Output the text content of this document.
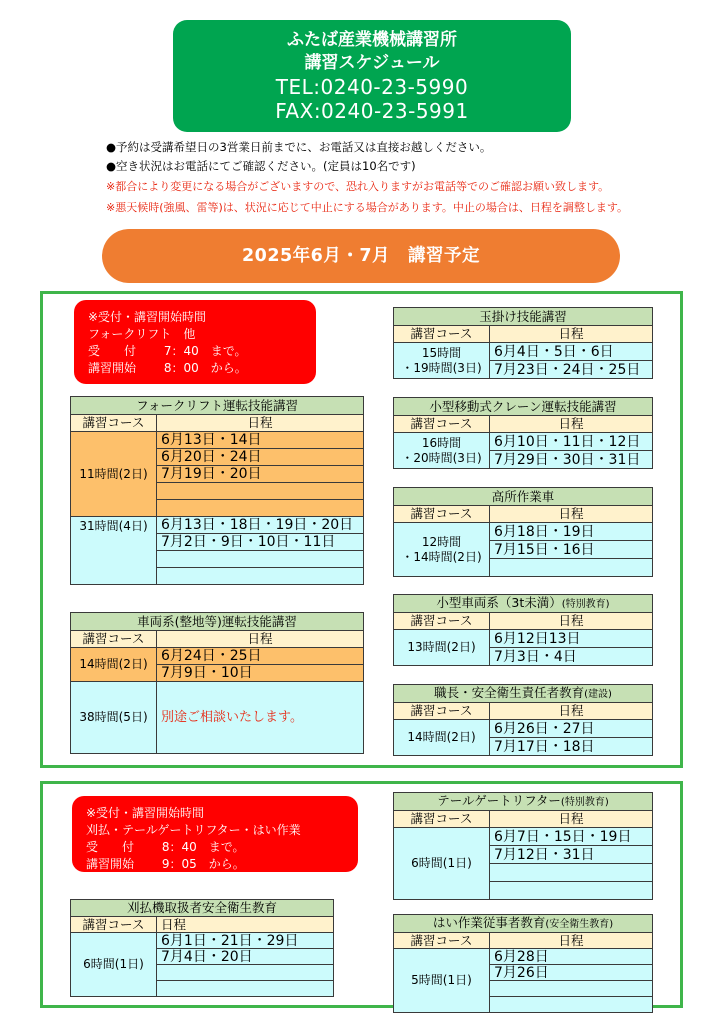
ふたば産業機械講習所
講習スケジュール
TEL:0240-23-5990
FAX:0240-23-5991
●予約は受講希望日の3営業日前までに、お電話又は直接お越しください。
●空き状況はお電話にてご確認ください。(定員は10名です)
※都合により変更になる場合がございますので、恐れ入りますがお電話等でのご確認お願い致します。
※悪天候時(強風、雷等)は、状況に応じて中止にする場合があります。中止の場合は、日程を調整します。
2025年6月・7月　講習予定
※受付・講習開始時間
フォークリフト　他
受　　付　　 7：40　まで。
講習開始　　 8：00　から。
※受付・講習開始時間
刈払・テールゲートリフター・はい作業
受　　付　　 8：40　まで。
講習開始　　 9：05　から。
フォークリフト運転技能講習	
講習コース	日程
11時間(2日)	6月13日・14日
	6月20日・24日
	7月19日・20日

31時間(4日)	6月13日・18日・19日・20日
	7月2日・9日・10日・11日

車両系(整地等)運転技能講習	
講習コース	日程
14時間(2日)	6月24日・25日
	7月9日・10日
38時間(5日)	別途ご相談いたします。
玉掛け技能講習	
講習コース	日程

15時間
・19時間(3日)	6月4日・5日・6日
	7月23日・24日・25日
小型移動式クレーン運転技能講習	
講習コース	日程

16時間
・20時間(3日)	6月10日・11日・12日
	7月29日・30日・31日
高所作業車	
講習コース	日程

12時間
・14時間(2日)	6月18日・19日
	7月15日・16日

小型車両系（3t未満）(特別教育)	
講習コース	日程
13時間(2日)	6月12日13日
	7月3日・4日
職長・安全衛生責任者教育(建設)	
講習コース	日程
14時間(2日)	6月26日・27日
	7月17日・18日
刈払機取扱者安全衛生教育	
講習コース	日程
6時間(1日)	6月1日・21日・29日
	7月4日・20日

テールゲートリフター(特別教育)	
講習コース	日程
6時間(1日)	6月7日・15日・19日
	7月12日・31日

はい作業従事者教育(安全衛生教育)	
講習コース	日程
5時間(1日)	6月28日
	7月26日
